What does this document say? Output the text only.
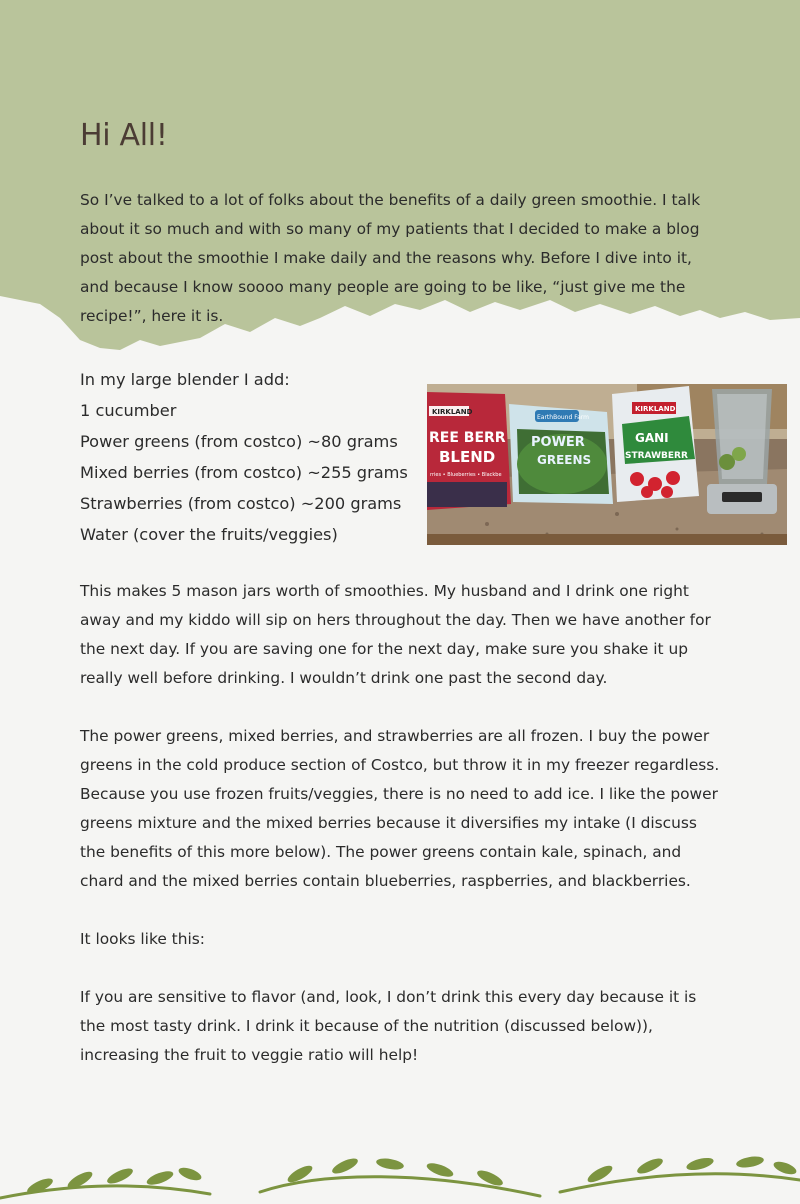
Hi All!

So I’ve talked to a lot of folks about the benefits of a daily green smoothie. I talk about it so much and with so many of my patients that I decided to make a blog post about the smoothie I make daily and the reasons why. Before I dive into it, and because I know soooo many people are going to be like, “just give me the recipe!”, here it is.

In my large blender I add:
1 cucumber
Power greens (from costco) ~80 grams
Mixed berries (from costco) ~255 grams
Strawberries (from costco) ~200 grams
Water (cover the fruits/veggies)
KIRKLAND
REE BERR
BLEND
rries • Blueberries • Blackbe
EarthBound Farm
POWER
GREENS
KIRKLAND
GANI
STRAWBERR

This makes 5 mason jars worth of smoothies. My husband and I drink one right away and my kiddo will sip on hers throughout the day. Then we have another for the next day. If you are saving one for the next day, make sure you shake it up really well before drinking. I wouldn’t drink one past the second day.

The power greens, mixed berries, and strawberries are all frozen. I buy the power greens in the cold produce section of Costco, but throw it in my freezer regardless. Because you use frozen fruits/veggies, there is no need to add ice. I like the power greens mixture and the mixed berries because it diversifies my intake (I discuss the benefits of this more below). The power greens contain kale, spinach, and chard and the mixed berries contain blueberries, raspberries, and blackberries.

It looks like this:

If you are sensitive to flavor (and, look, I don’t drink this every day because it is the most tasty drink. I drink it because of the nutrition (discussed below)), increasing the fruit to veggie ratio will help!
